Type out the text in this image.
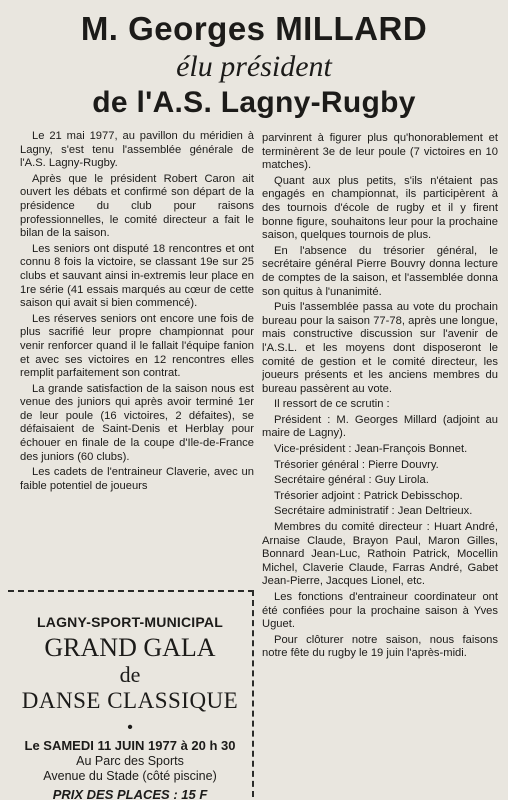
M. Georges MILLARD
élu président
de l'A.S. Lagny-Rugby

Le 21 mai 1977, au pavillon du méridien à Lagny, s'est tenu l'assemblée générale de l'A.S. Lagny-Rugby.

Après que le président Robert Caron ait ouvert les débats et confirmé son départ de la présidence du club pour raisons professionnelles, le comité directeur a fait le bilan de la saison.

Les seniors ont disputé 18 rencontres et ont connu 8 fois la victoire, se classant 19e sur 25 clubs et sauvant ainsi in-extremis leur place en 1re série (41 essais marqués au cœur de cette saison qui avait si bien commencé).

Les réserves seniors ont encore une fois de plus sacrifié leur propre championnat pour venir renforcer quand il le fallait l'équipe fanion et avec ses victoires en 12 rencontres elles remplit parfaitement son contrat.

La grande satisfaction de la saison nous est venue des juniors qui après avoir terminé 1er de leur poule (16 victoires, 2 défaites), se défaisaient de Saint-Denis et Herblay pour échouer en finale de la coupe d'Ile-de-France des juniors (60 clubs).

Les cadets de l'entraineur Claverie, avec un faible potentiel de joueurs

parvinrent à figurer plus qu'honorablement et terminèrent 3e de leur poule (7 victoires en 10 matches).

Quant aux plus petits, s'ils n'étaient pas engagés en championnat, ils participèrent à des tournois d'école de rugby et il y firent bonne figure, souhaitons leur pour la prochaine saison, quelques tournois de plus.

En l'absence du trésorier général, le secrétaire général Pierre Bouvry donna lecture de comptes de la saison, et l'assemblée donna son quitus à l'unanimité.

Puis l'assemblée passa au vote du prochain bureau pour la saison 77-78, après une longue, mais constructive discussion sur l'avenir de l'A.S.L. et les moyens dont disposeront le comité de gestion et le comité directeur, les joueurs présents et les anciens membres du bureau passèrent au vote.

Il ressort de ce scrutin :

Président : M. Georges Millard (adjoint au maire de Lagny).

Vice-président : Jean-François Bonnet.

Trésorier général : Pierre Douvry.

Secrétaire général : Guy Lirola.

Trésorier adjoint : Patrick Debisschop.

Secrétaire administratif : Jean Deltrieux.

Membres du comité directeur : Huart André, Arnaise Claude, Brayon Paul, Maron Gilles, Bonnard Jean-Luc, Rathoin Patrick, Mocellin Michel, Claverie Claude, Farras André, Gabet Jean-Pierre, Jacques Lionel, etc.

Les fonctions d'entraineur coordinateur ont été confiées pour la prochaine saison à Yves Uguet.

Pour clôturer notre saison, nous faisons notre fête du rugby le 19 juin l'après-midi.

LAGNY-SPORT-MUNICIPAL
GRAND GALA
de
DANSE CLASSIQUE
•
Le SAMEDI 11 JUIN 1977 à 20 h 30
Au Parc des Sports
Avenue du Stade (côté piscine)
PRIX DES PLACES : 15 F
